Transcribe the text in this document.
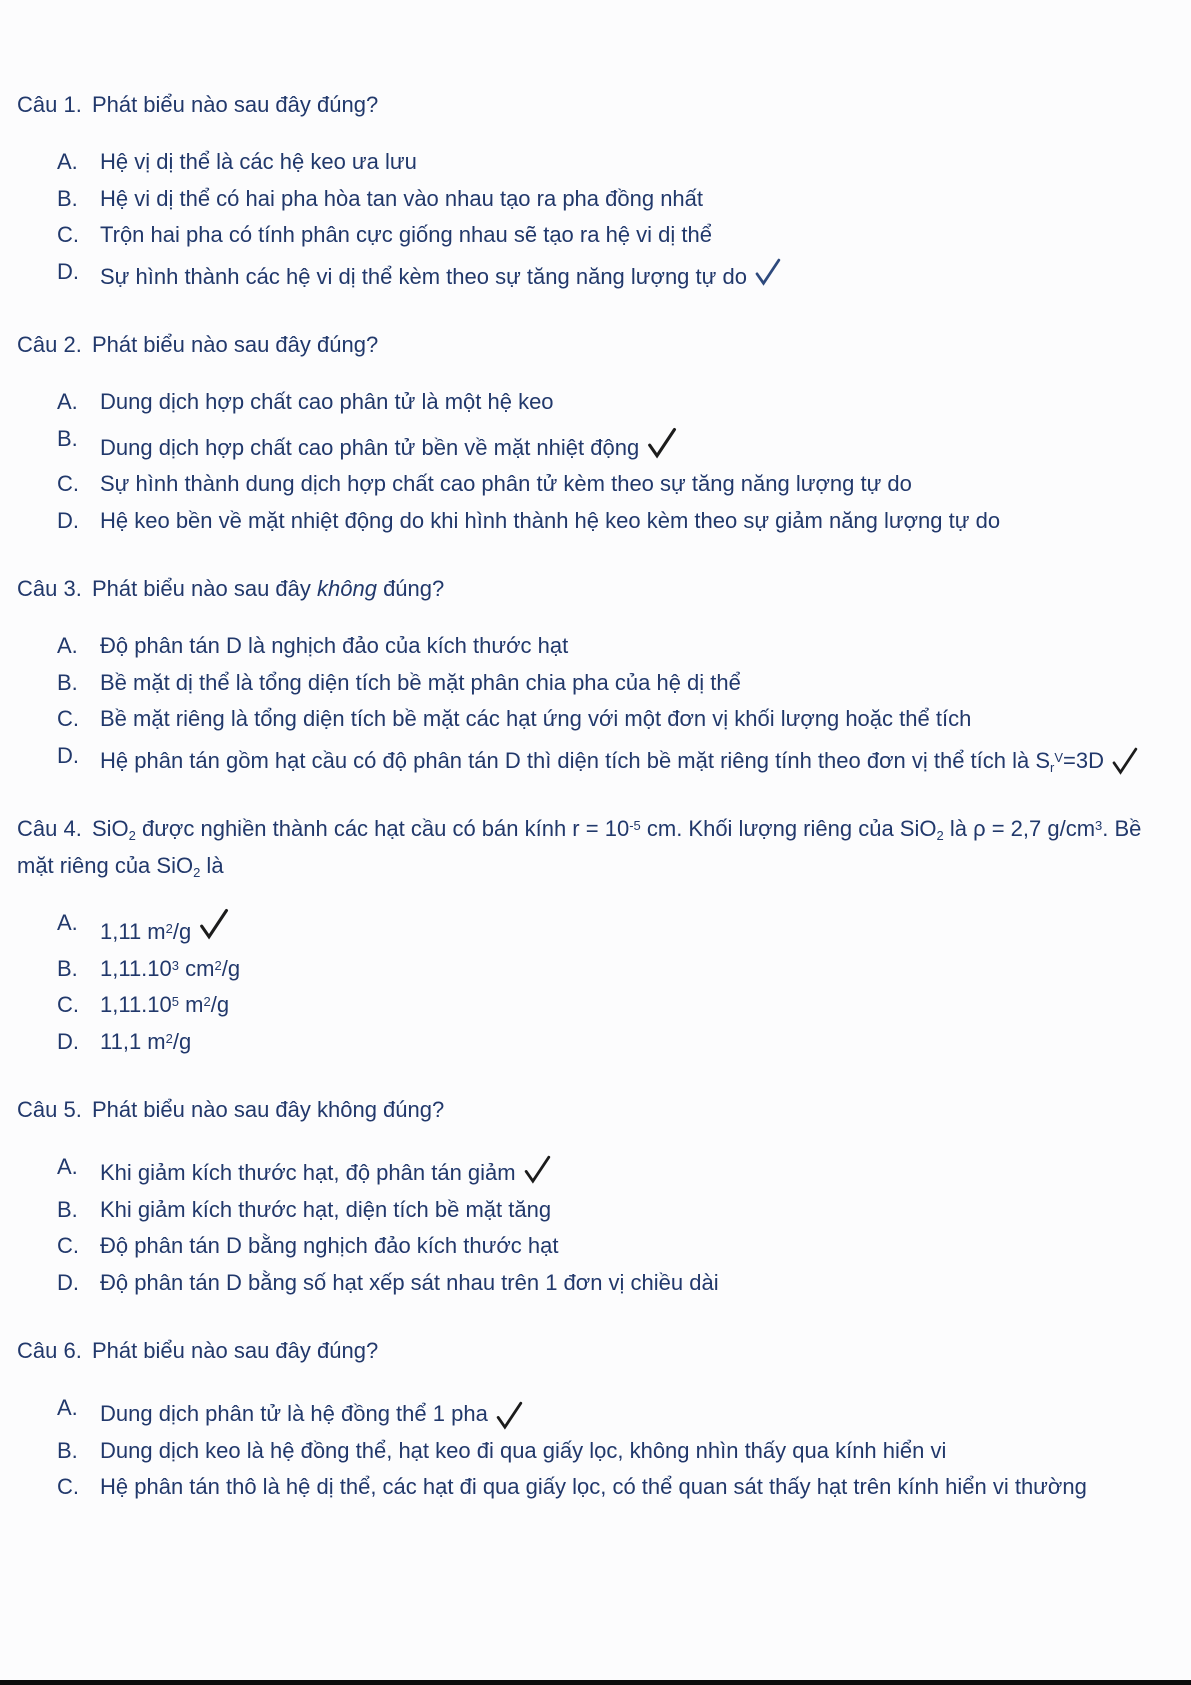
Câu 1. Phát biểu nào sau đây đúng?

A.	Hệ vị dị thể là các hệ keo ưa lưu
B.	Hệ vi dị thể có hai pha hòa tan vào nhau tạo ra pha đồng nhất
C. Trộn hai pha có tính phân cực giống nhau sẽ tạo ra hệ vi dị thể
D. Sự hình thành các hệ vi dị thể kèm theo sự tăng năng lượng tự do

Câu 2. Phát biểu nào sau đây đúng?

A.	Dung dịch hợp chất cao phân tử là một hệ keo
B.	Dung dịch hợp chất cao phân tử bền về mặt nhiệt động
C. Sự hình thành dung dịch hợp chất cao phân tử kèm theo sự tăng năng lượng tự do
D. Hệ keo bền về mặt nhiệt động do khi hình thành hệ keo kèm theo sự giảm năng lượng tự do

Câu 3. Phát biểu nào sau đây không đúng?

A.	Độ phân tán D là nghịch đảo của kích thước hạt
B.	Bề mặt dị thể là tổng diện tích bề mặt phân chia pha của hệ dị thể
C. Bề mặt riêng là tổng diện tích bề mặt các hạt ứng với một đơn vị khối lượng hoặc thể tích
D. Hệ phân tán gồm hạt cầu có độ phân tán D thì diện tích bề mặt riêng tính theo đơn vị thể tích là $S_r^V=3D$

Câu 4. SiO$_2$ được nghiền thành các hạt cầu có bán kính $r = 10^{-5}$ cm. Khối lượng riêng của SiO$_2$ là ρ = 2,7 $g/cm^3$. Bề mặt riêng của SiO$_2$ là

A.	1,11 $m^2/g$
B.	1,11.10$^3$ $cm^2/g$
C. 1,11.10$^5$ $m^2/g$
D. 11,1 $m^2/g$

Câu 5. Phát biểu nào sau đây không đúng?

A.	Khi giảm kích thước hạt, độ phân tán giảm
B.	Khi giảm kích thước hạt, diện tích bề mặt tăng
C. Độ phân tán D bằng nghịch đảo kích thước hạt
D. Độ phân tán D bằng số hạt xếp sát nhau trên 1 đơn vị chiều dài

Câu 6. Phát biểu nào sau đây đúng?

A.	Dung dịch phân tử là hệ đồng thể 1 pha
B.	Dung dịch keo là hệ đồng thể, hạt keo đi qua giấy lọc, không nhìn thấy qua kính hiển vi
C. Hệ phân tán thô là hệ dị thể, các hạt đi qua giấy lọc, có thể quan sát thấy hạt trên kính hiển vi thường
